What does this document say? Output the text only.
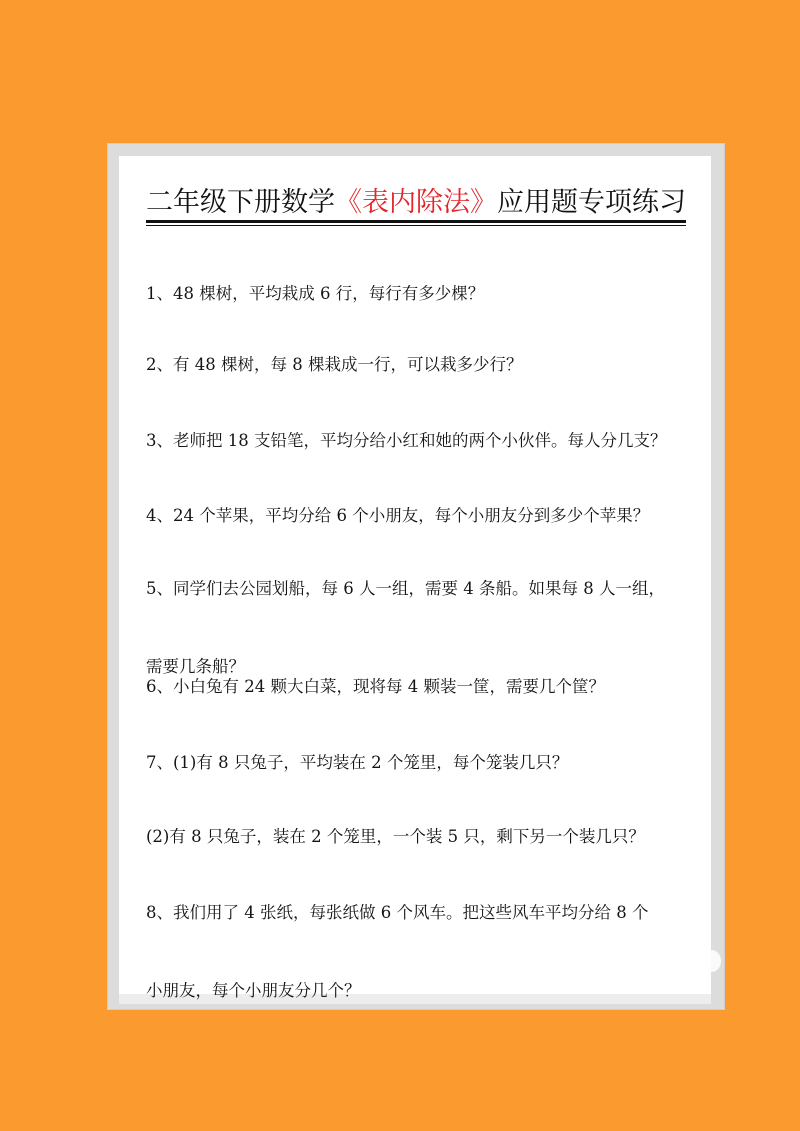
二年级下册数学《表内除法》应用题专项练习

1、48 棵树，平均栽成 6 行，每行有多少棵？

2、有 48 棵树，每 8 棵栽成一行，可以栽多少行？

3、老师把 18 支铅笔，平均分给小红和她的两个小伙伴。每人分几支？

4、24 个苹果，平均分给 6 个小朋友，每个小朋友分到多少个苹果？

5、同学们去公园划船，每 6 人一组，需要 4 条船。如果每 8 人一组，

需要几条船？

6、小白兔有 24 颗大白菜，现将每 4 颗装一筐，需要几个筐？

7、(1)有 8 只兔子，平均装在 2 个笼里，每个笼装几只？

(2)有 8 只兔子，装在 2 个笼里，一个装 5 只，剩下另一个装几只？

8、我们用了 4 张纸，每张纸做 6 个风车。把这些风车平均分给 8 个

小朋友，每个小朋友分几个？
